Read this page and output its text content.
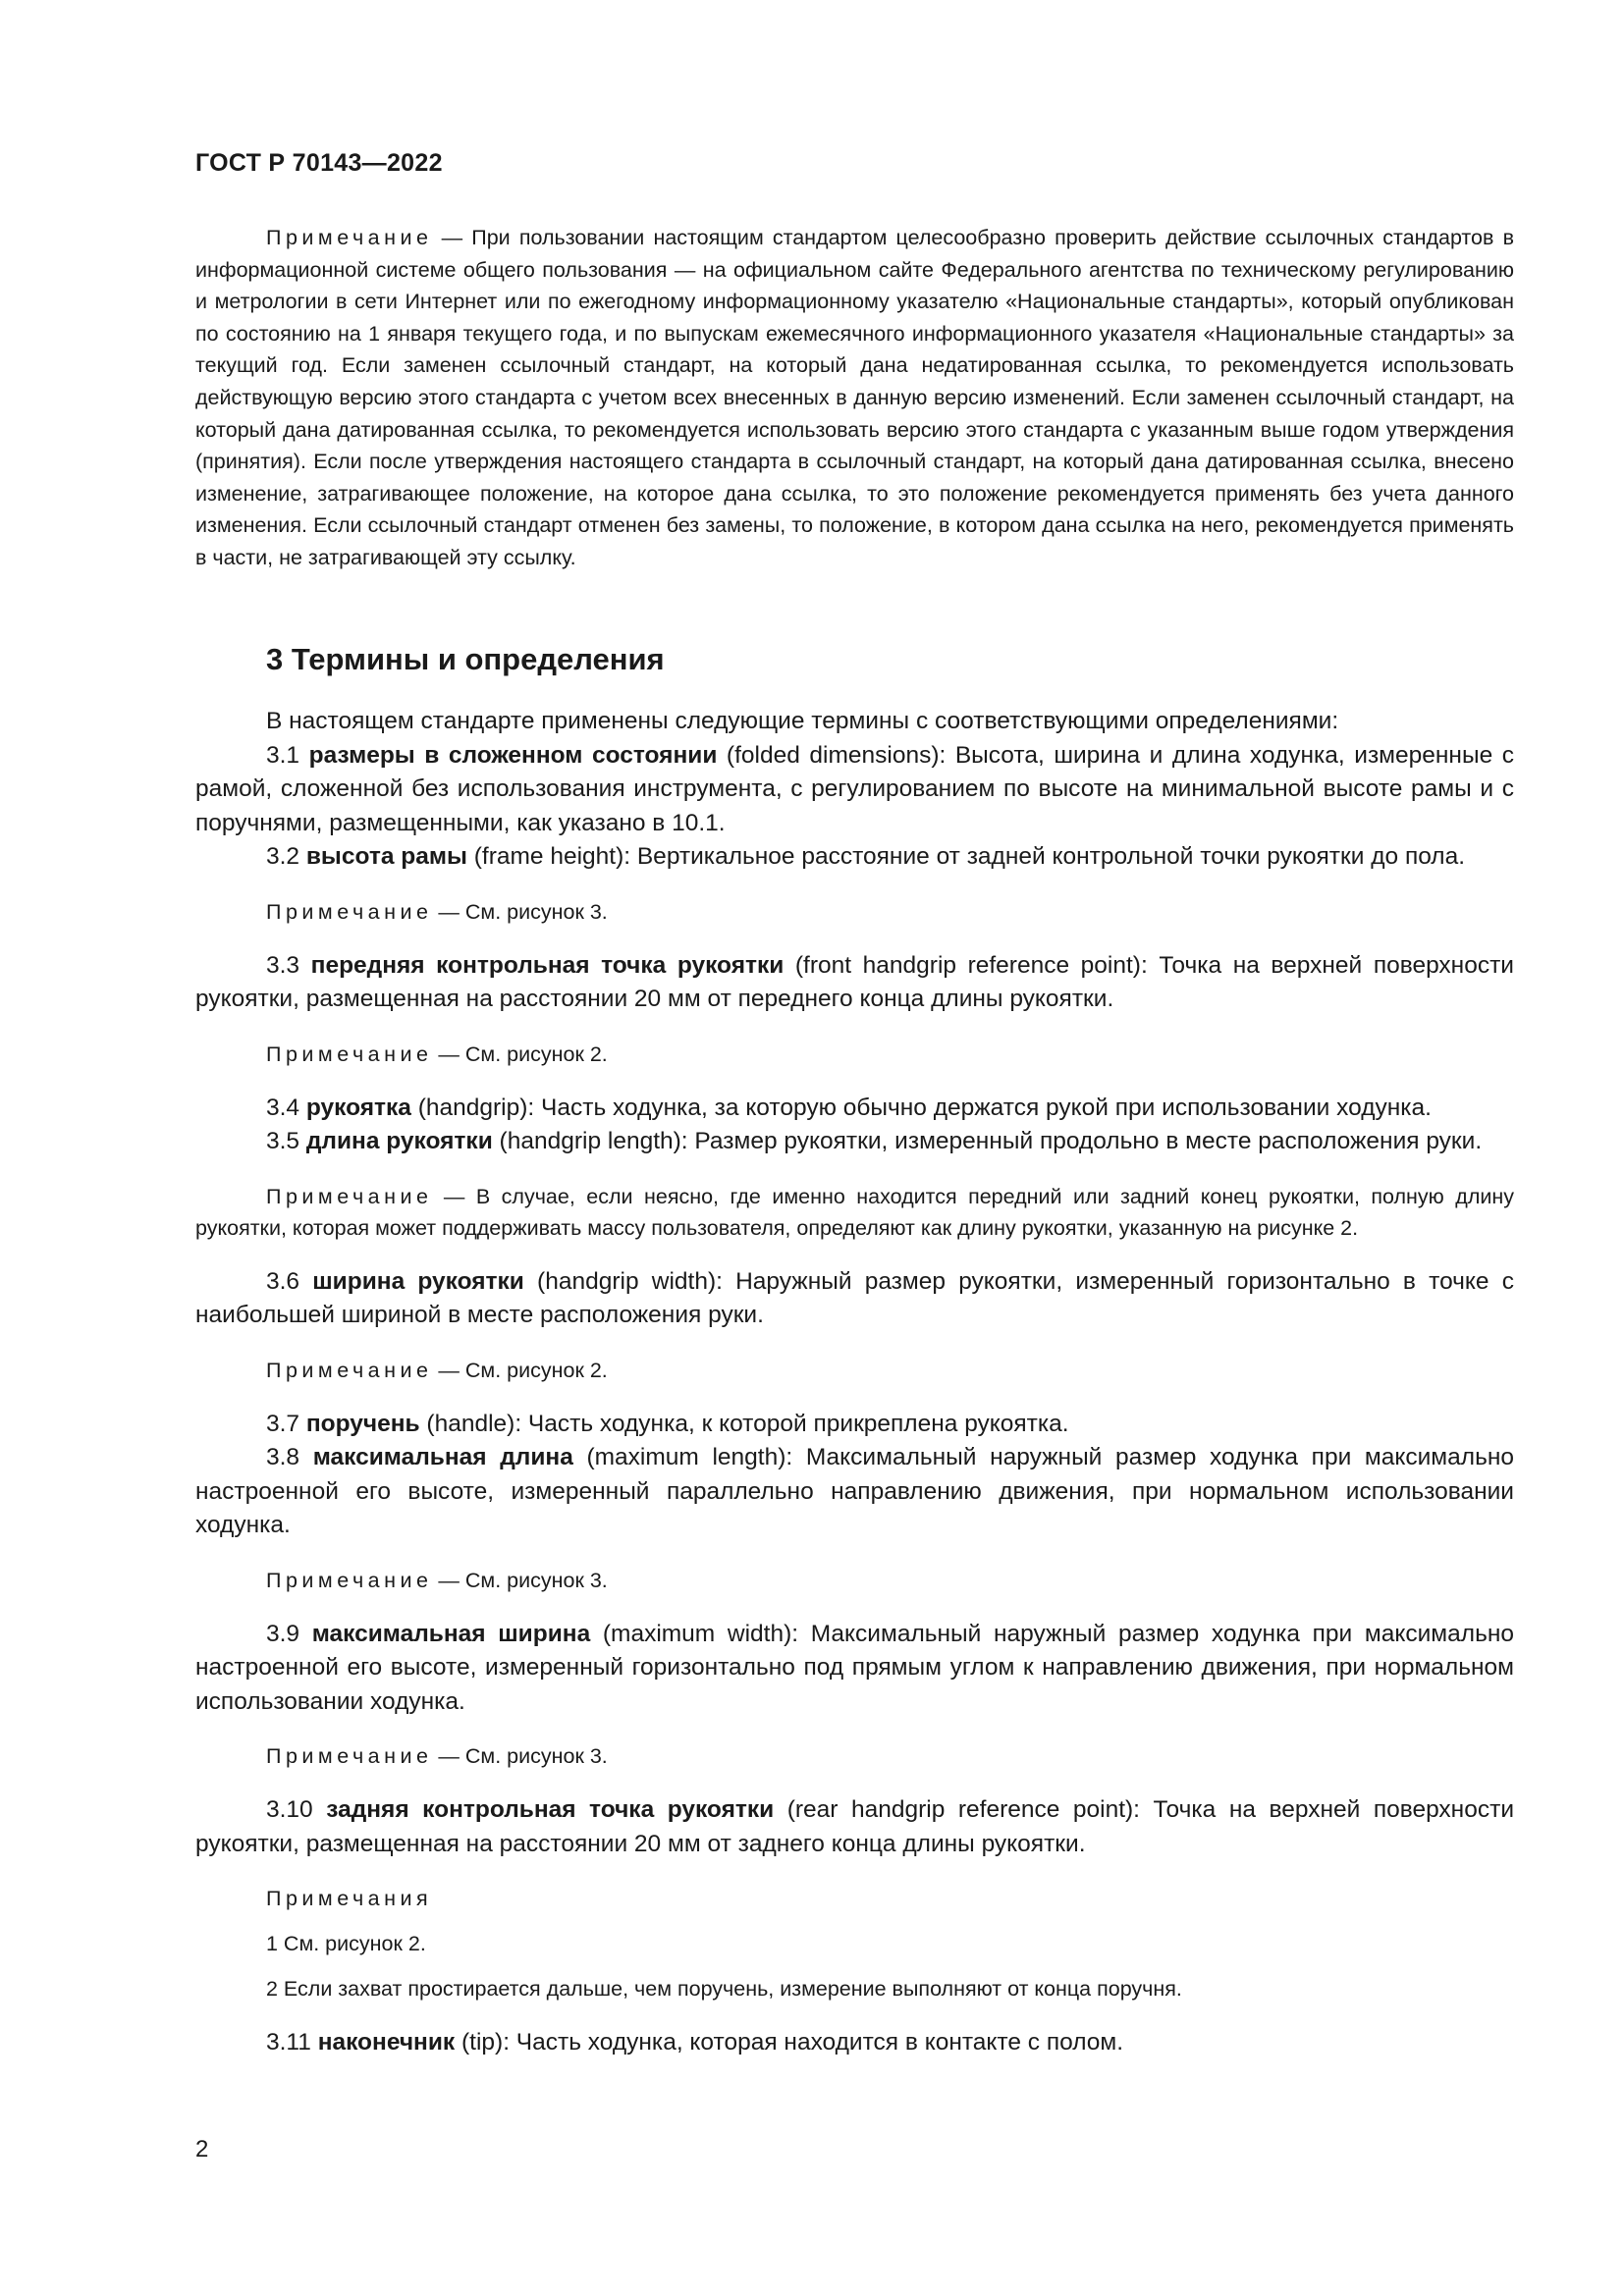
ГОСТ Р 70143—2022
Примечание — При пользовании настоящим стандартом целесообразно проверить действие ссылочных стандартов в информационной системе общего пользования — на официальном сайте Федерального агентства по техническому регулированию и метрологии в сети Интернет или по ежегодному информационному указателю «Национальные стандарты», который опубликован по состоянию на 1 января текущего года, и по выпускам ежемесячного информационного указателя «Национальные стандарты» за текущий год. Если заменен ссылочный стандарт, на который дана недатированная ссылка, то рекомендуется использовать действующую версию этого стандарта с учетом всех внесенных в данную версию изменений. Если заменен ссылочный стандарт, на который дана датированная ссылка, то рекомендуется использовать версию этого стандарта с указанным выше годом утверждения (принятия). Если после утверждения настоящего стандарта в ссылочный стандарт, на который дана датированная ссылка, внесено изменение, затрагивающее положение, на которое дана ссылка, то это положение рекомендуется применять без учета данного изменения. Если ссылочный стандарт отменен без замены, то положение, в котором дана ссылка на него, рекомендуется применять в части, не затрагивающей эту ссылку.
3 Термины и определения

В настоящем стандарте применены следующие термины с соответствующими определениями:

3.1 размеры в сложенном состоянии (folded dimensions): Высота, ширина и длина ходунка, измеренные с рамой, сложенной без использования инструмента, с регулированием по высоте на минимальной высоте рамы и с поручнями, размещенными, как указано в 10.1.

3.2 высота рамы (frame height): Вертикальное расстояние от задней контрольной точки рукоятки до пола.

Примечание — См. рисунок 3.

3.3 передняя контрольная точка рукоятки (front handgrip reference point): Точка на верхней поверхности рукоятки, размещенная на расстоянии 20 мм от переднего конца длины рукоятки.

Примечание — См. рисунок 2.

3.4 рукоятка (handgrip): Часть ходунка, за которую обычно держатся рукой при использовании ходунка.

3.5 длина рукоятки (handgrip length): Размер рукоятки, измеренный продольно в месте расположения руки.

Примечание — В случае, если неясно, где именно находится передний или задний конец рукоятки, полную длину рукоятки, которая может поддерживать массу пользователя, определяют как длину рукоятки, указанную на рисунке 2.

3.6 ширина рукоятки (handgrip width): Наружный размер рукоятки, измеренный горизонтально в точке с наибольшей шириной в месте расположения руки.

Примечание — См. рисунок 2.

3.7 поручень (handle): Часть ходунка, к которой прикреплена рукоятка.

3.8 максимальная длина (maximum length): Максимальный наружный размер ходунка при максимально настроенной его высоте, измеренный параллельно направлению движения, при нормальном использовании ходунка.

Примечание — См. рисунок 3.

3.9 максимальная ширина (maximum width): Максимальный наружный размер ходунка при максимально настроенной его высоте, измеренный горизонтально под прямым углом к направлению движения, при нормальном использовании ходунка.

Примечание — См. рисунок 3.

3.10 задняя контрольная точка рукоятки (rear handgrip reference point): Точка на верхней поверхности рукоятки, размещенная на расстоянии 20 мм от заднего конца длины рукоятки.

Примечания

1 См. рисунок 2.

2 Если захват простирается дальше, чем поручень, измерение выполняют от конца поручня.

3.11 наконечник (tip): Часть ходунка, которая находится в контакте с полом.

2
